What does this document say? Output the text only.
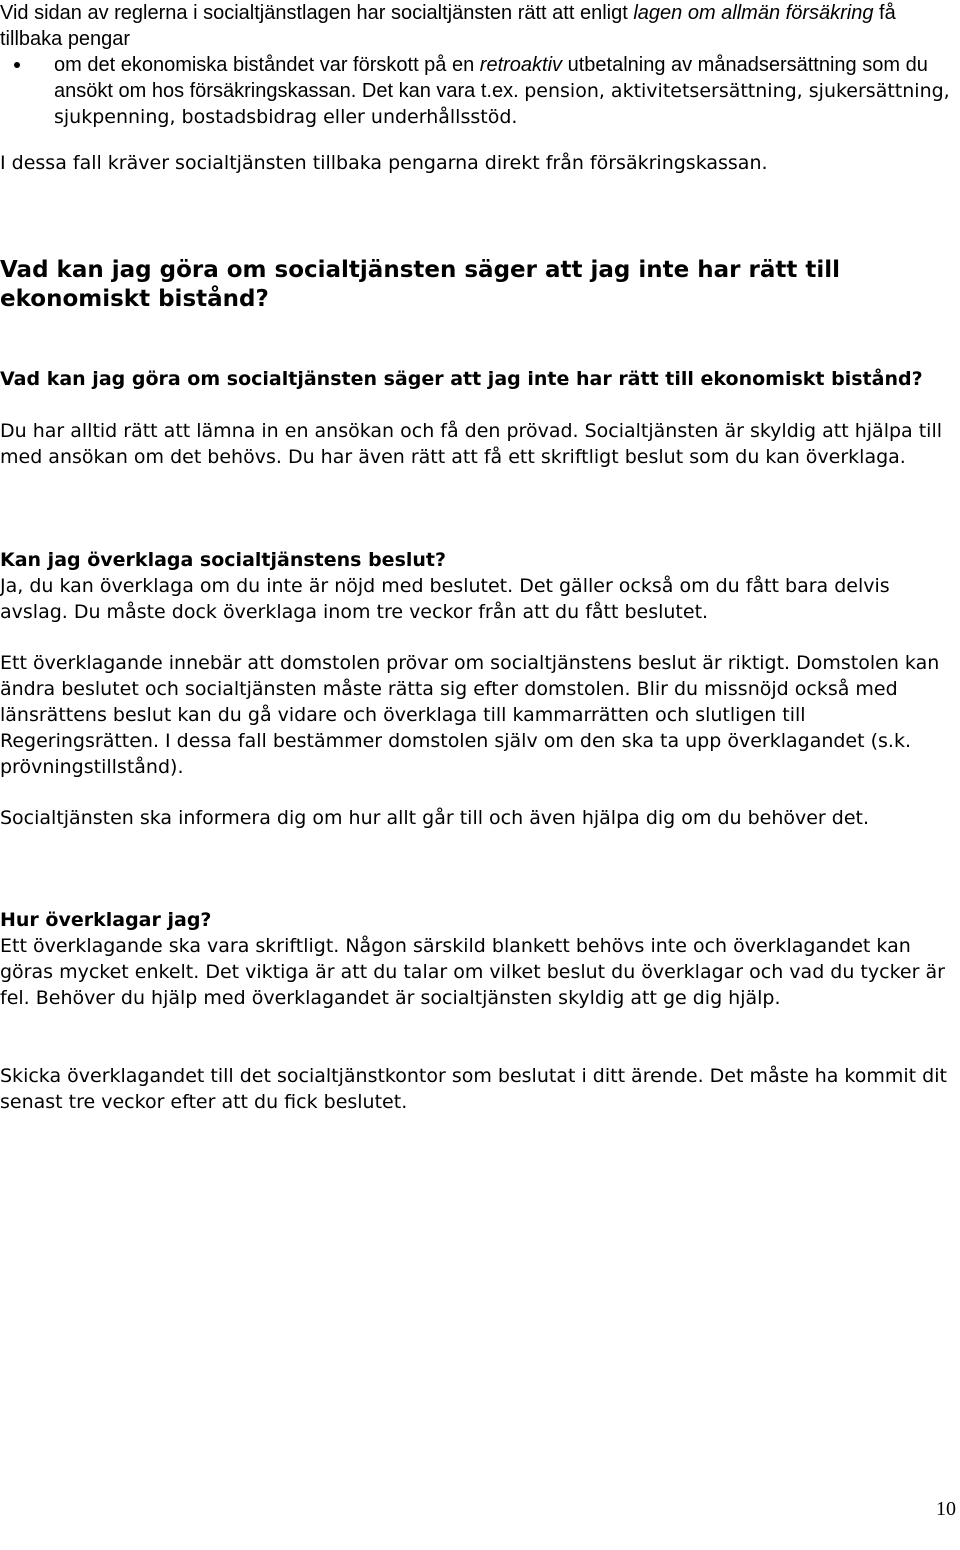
Vid sidan av reglerna i socialtjänstlagen har socialtjänsten rätt att enligt lagen om allmän försäkring få tillbaka pengar

om det ekonomiska biståndet var förskott på en retroaktiv utbetalning av månadsersättning som du ansökt om hos försäkringskassan. Det kan vara t.ex. pension, aktivitetsersättning, sjukersättning, sjukpenning, bostadsbidrag eller underhållsstöd.

I dessa fall kräver socialtjänsten tillbaka pengarna direkt från försäkringskassan.

Vad kan jag göra om socialtjänsten säger att jag inte har rätt till ekonomiskt bistånd?
Vad kan jag göra om socialtjänsten säger att jag inte har rätt till ekonomiskt bistånd?

Du har alltid rätt att lämna in en ansökan och få den prövad. Socialtjänsten är skyldig att hjälpa till med ansökan om det behövs. Du har även rätt att få ett skriftligt beslut som du kan överklaga.

Kan jag överklaga socialtjänstens beslut?

Ja, du kan överklaga om du inte är nöjd med beslutet. Det gäller också om du fått bara delvis avslag. Du måste dock överklaga inom tre veckor från att du fått beslutet.

Ett överklagande innebär att domstolen prövar om socialtjänstens beslut är riktigt. Domstolen kan ändra beslutet och socialtjänsten måste rätta sig efter domstolen. Blir du missnöjd också med länsrättens beslut kan du gå vidare och överklaga till kammarrätten och slutligen till Regeringsrätten. I dessa fall bestämmer domstolen själv om den ska ta upp överklagandet (s.k. prövningstillstånd).

Socialtjänsten ska informera dig om hur allt går till och även hjälpa dig om du behöver det.

Hur överklagar jag?

Ett överklagande ska vara skriftligt. Någon särskild blankett behövs inte och överklagandet kan göras mycket enkelt. Det viktiga är att du talar om vilket beslut du överklagar och vad du tycker är fel. Behöver du hjälp med överklagandet är socialtjänsten skyldig att ge dig hjälp.

Skicka överklagandet till det socialtjänstkontor som beslutat i ditt ärende. Det måste ha kommit dit senast tre veckor efter att du fick beslutet.

10
